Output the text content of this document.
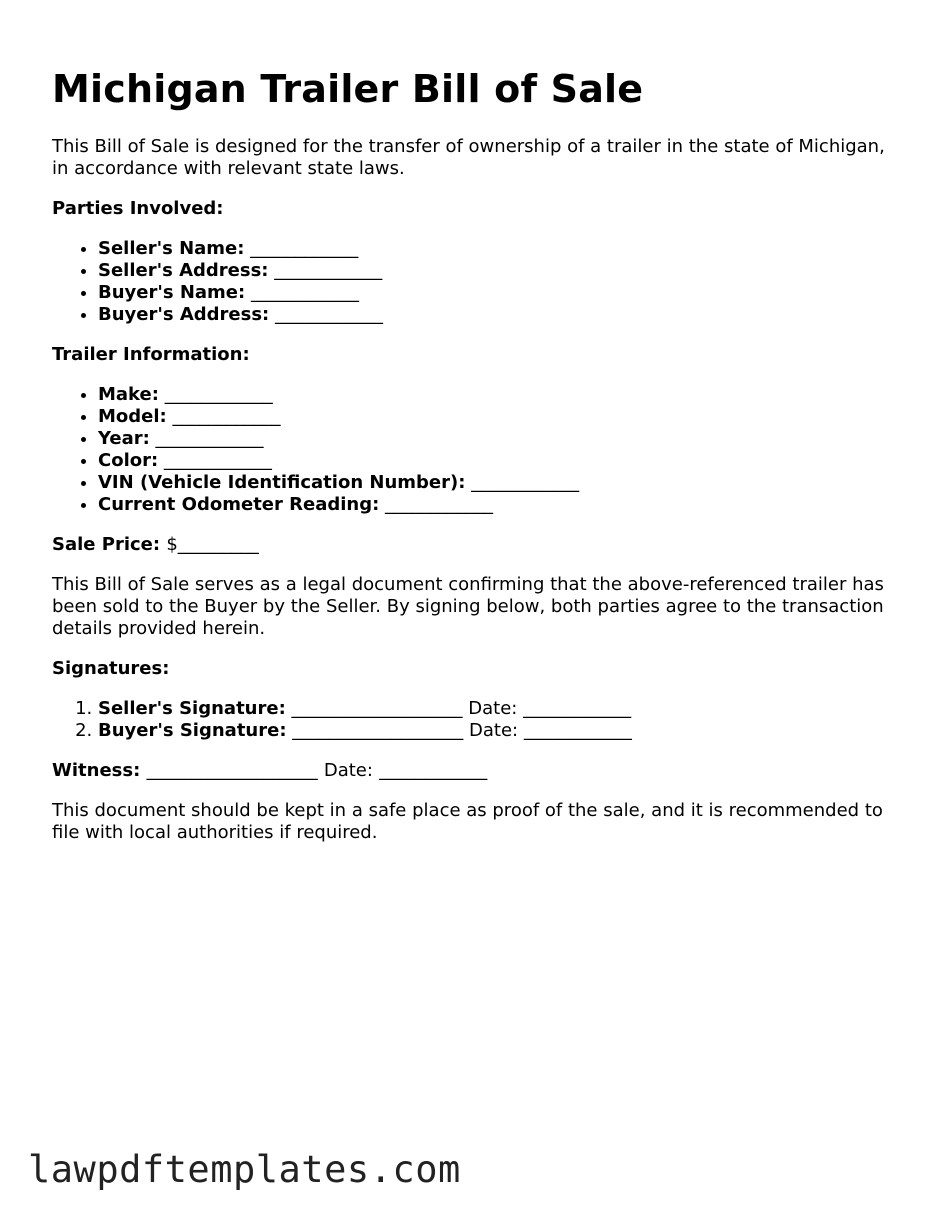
Michigan Trailer Bill of Sale

This Bill of Sale is designed for the transfer of ownership of a trailer in the state of Michigan, in accordance with relevant state laws.

Parties Involved:

• Seller's Name: ____________
• Seller's Address: ____________
• Buyer's Name: ____________
• Buyer's Address: ____________

Trailer Information:

• Make: ____________
• Model: ____________
• Year: ____________
• Color: ____________
• VIN (Vehicle Identification Number): ____________
• Current Odometer Reading: ____________

Sale Price: $_________

This Bill of Sale serves as a legal document confirming that the above-referenced trailer has been sold to the Buyer by the Seller. By signing below, both parties agree to the transaction details provided herein.

Signatures:

1. Seller's Signature: ___________________ Date: ____________
2. Buyer's Signature: ___________________ Date: ____________

Witness: ___________________ Date: ____________

This document should be kept in a safe place as proof of the sale, and it is recommended to file with local authorities if required.

lawpdftemplates.com
